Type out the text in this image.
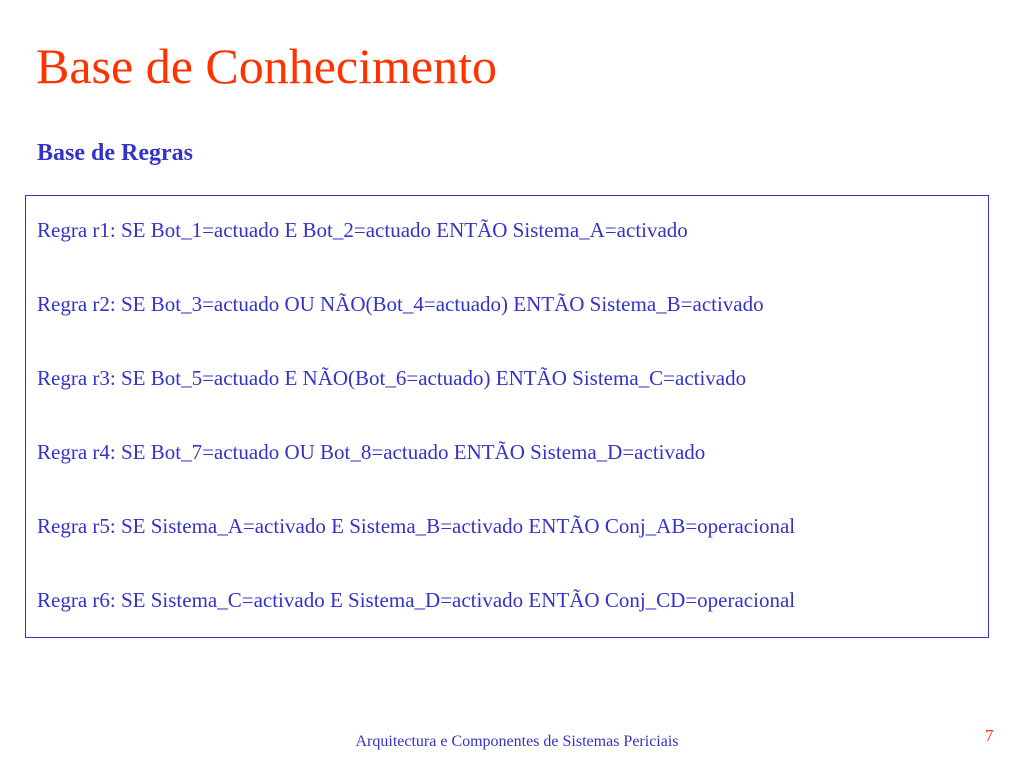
Base de Conhecimento
Base de Regras
Regra r1: SE Bot_1=actuado E Bot_2=actuado ENTÃO Sistema_A=activado
Regra r2: SE Bot_3=actuado OU NÃO(Bot_4=actuado) ENTÃO Sistema_B=activado
Regra r3: SE Bot_5=actuado E NÃO(Bot_6=actuado) ENTÃO Sistema_C=activado
Regra r4: SE Bot_7=actuado OU Bot_8=actuado ENTÃO Sistema_D=activado
Regra r5: SE Sistema_A=activado E Sistema_B=activado ENTÃO Conj_AB=operacional
Regra r6: SE Sistema_C=activado E Sistema_D=activado ENTÃO Conj_CD=operacional
Arquitectura e Componentes de Sistemas Periciais	7
